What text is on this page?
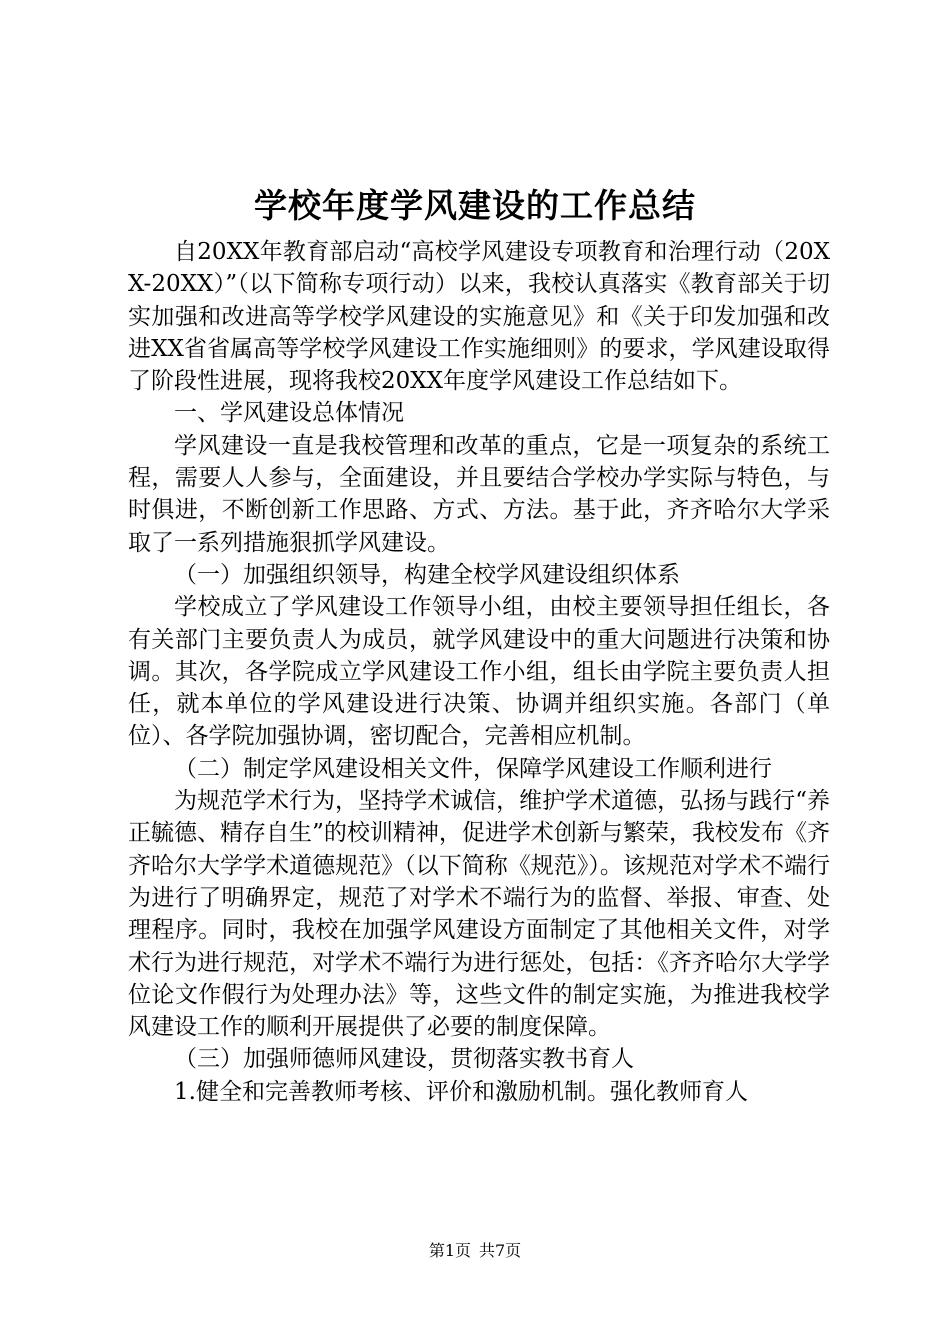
学校年度学风建设的工作总结

自20XX年教育部启动“高校学风建设专项教育和治理行动（20XX-20XX）”（以下简称专项行动）以来，我校认真落实《教育部关于切实加强和改进高等学校学风建设的实施意见》和《关于印发加强和改进XX省省属高等学校学风建设工作实施细则》的要求，学风建设取得了阶段性进展，现将我校20XX年度学风建设工作总结如下。

一、学风建设总体情况

学风建设一直是我校管理和改革的重点，它是一项复杂的系统工程，需要人人参与，全面建设，并且要结合学校办学实际与特色，与时俱进，不断创新工作思路、方式、方法。基于此，齐齐哈尔大学采取了一系列措施狠抓学风建设。

（一）加强组织领导，构建全校学风建设组织体系

学校成立了学风建设工作领导小组，由校主要领导担任组长，各有关部门主要负责人为成员，就学风建设中的重大问题进行决策和协调。其次，各学院成立学风建设工作小组，组长由学院主要负责人担任，就本单位的学风建设进行决策、协调并组织实施。各部门（单位）、各学院加强协调，密切配合，完善相应机制。

（二）制定学风建设相关文件，保障学风建设工作顺利进行

为规范学术行为，坚持学术诚信，维护学术道德，弘扬与践行“养正毓德、精存自生”的校训精神，促进学术创新与繁荣，我校发布《齐齐哈尔大学学术道德规范》（以下简称《规范》）。该规范对学术不端行为进行了明确界定，规范了对学术不端行为的监督、举报、审查、处理程序。同时，我校在加强学风建设方面制定了其他相关文件，对学术行为进行规范，对学术不端行为进行惩处，包括：《齐齐哈尔大学学位论文作假行为处理办法》等，这些文件的制定实施，为推进我校学风建设工作的顺利开展提供了必要的制度保障。

（三）加强师德师风建设，贯彻落实教书育人

1.健全和完善教师考核、评价和激励机制。强化教师育人

第1页 共7页
